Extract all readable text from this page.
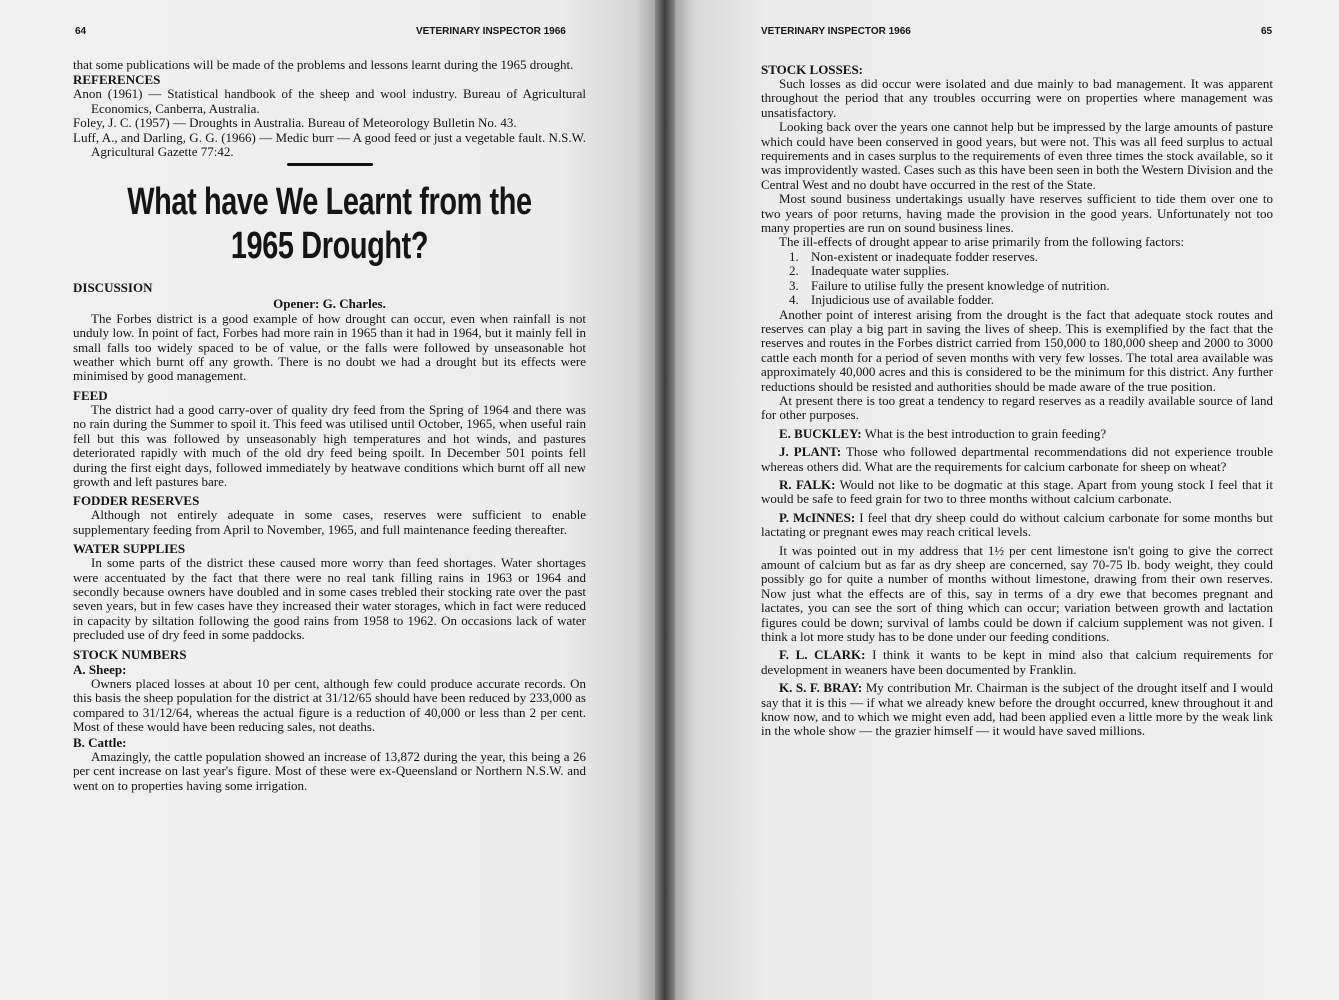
64	VETERINARY INSPECTOR 1966

that some publications will be made of the problems and lessons learnt during the 1965 drought.

REFERENCES

Anon (1961) — Statistical handbook of the sheep and wool industry. Bureau of Agricultural Economics, Canberra, Australia.

Foley, J. C. (1957) — Droughts in Australia. Bureau of Meteorology Bulletin No. 43.

Luff, A., and Darling, G. G. (1966) — Medic burr — A good feed or just a vegetable fault. N.S.W. Agricultural Gazette 77:42.

What have We Learnt from the
1965 Drought?
DISCUSSION
Opener: G. Charles.

The Forbes district is a good example of how drought can occur, even when rainfall is not unduly low. In point of fact, Forbes had more rain in 1965 than it had in 1964, but it mainly fell in small falls too widely spaced to be of value, or the falls were followed by unseasonable hot weather which burnt off any growth. There is no doubt we had a drought but its effects were minimised by good management.

FEED

The district had a good carry-over of quality dry feed from the Spring of 1964 and there was no rain during the Summer to spoil it. This feed was utilised until October, 1965, when useful rain fell but this was followed by unseasonably high temperatures and hot winds, and pastures deteriorated rapidly with much of the old dry feed being spoilt. In December 501 points fell during the first eight days, followed immediately by heatwave conditions which burnt off all new growth and left pastures bare.

FODDER RESERVES

Although not entirely adequate in some cases, reserves were sufficient to enable supplementary feeding from April to November, 1965, and full maintenance feeding thereafter.

WATER SUPPLIES

In some parts of the district these caused more worry than feed shortages. Water shortages were accentuated by the fact that there were no real tank filling rains in 1963 or 1964 and secondly because owners have doubled and in some cases trebled their stocking rate over the past seven years, but in few cases have they increased their water storages, which in fact were reduced in capacity by siltation following the good rains from 1958 to 1962. On occasions lack of water precluded use of dry feed in some paddocks.

STOCK NUMBERS
A. Sheep:

Owners placed losses at about 10 per cent, although few could produce accurate records. On this basis the sheep population for the district at 31/12/65 should have been reduced by 233,000 as compared to 31/12/64, whereas the actual figure is a reduction of 40,000 or less than 2 per cent. Most of these would have been reducing sales, not deaths.

B. Cattle:

Amazingly, the cattle population showed an increase of 13,872 during the year, this being a 26 per cent increase on last year's figure. Most of these were ex-Queensland or Northern N.S.W. and went on to properties having some irrigation.

VETERINARY INSPECTOR 1966	65
STOCK LOSSES:

Such losses as did occur were isolated and due mainly to bad management. It was apparent throughout the period that any troubles occurring were on properties where management was unsatisfactory.

Looking back over the years one cannot help but be impressed by the large amounts of pasture which could have been conserved in good years, but were not. This was all feed surplus to actual requirements and in cases surplus to the requirements of even three times the stock available, so it was improvidently wasted. Cases such as this have been seen in both the Western Division and the Central West and no doubt have occurred in the rest of the State.

Most sound business undertakings usually have reserves sufficient to tide them over one to two years of poor returns, having made the provision in the good years. Unfortunately not too many properties are run on sound business lines.

The ill-effects of drought appear to arise primarily from the following factors:

1. Non-existent or inadequate fodder reserves.
2. Inadequate water supplies.
3. Failure to utilise fully the present knowledge of nutrition.
4. Injudicious use of available fodder.

Another point of interest arising from the drought is the fact that adequate stock routes and reserves can play a big part in saving the lives of sheep. This is exemplified by the fact that the reserves and routes in the Forbes district carried from 150,000 to 180,000 sheep and 2000 to 3000 cattle each month for a period of seven months with very few losses. The total area available was approximately 40,000 acres and this is considered to be the minimum for this district. Any further reductions should be resisted and authorities should be made aware of the true position.

At present there is too great a tendency to regard reserves as a readily available source of land for other purposes.

E. BUCKLEY: What is the best introduction to grain feeding?

J. PLANT: Those who followed departmental recommendations did not experience trouble whereas others did. What are the requirements for calcium carbonate for sheep on wheat?

R. FALK: Would not like to be dogmatic at this stage. Apart from young stock I feel that it would be safe to feed grain for two to three months without calcium carbonate.

P. McINNES: I feel that dry sheep could do without calcium carbonate for some months but lactating or pregnant ewes may reach critical levels.

It was pointed out in my address that 1½ per cent limestone isn't going to give the correct amount of calcium but as far as dry sheep are concerned, say 70-75 lb. body weight, they could possibly go for quite a number of months without limestone, drawing from their own reserves. Now just what the effects are of this, say in terms of a dry ewe that becomes pregnant and lactates, you can see the sort of thing which can occur; variation between growth and lactation figures could be down; survival of lambs could be down if calcium supplement was not given. I think a lot more study has to be done under our feeding conditions.

F. L. CLARK: I think it wants to be kept in mind also that calcium requirements for development in weaners have been documented by Franklin.

K. S. F. BRAY: My contribution Mr. Chairman is the subject of the drought itself and I would say that it is this — if what we already knew before the drought occurred, knew throughout it and know now, and to which we might even add, had been applied even a little more by the weak link in the whole show — the grazier himself — it would have saved millions.
